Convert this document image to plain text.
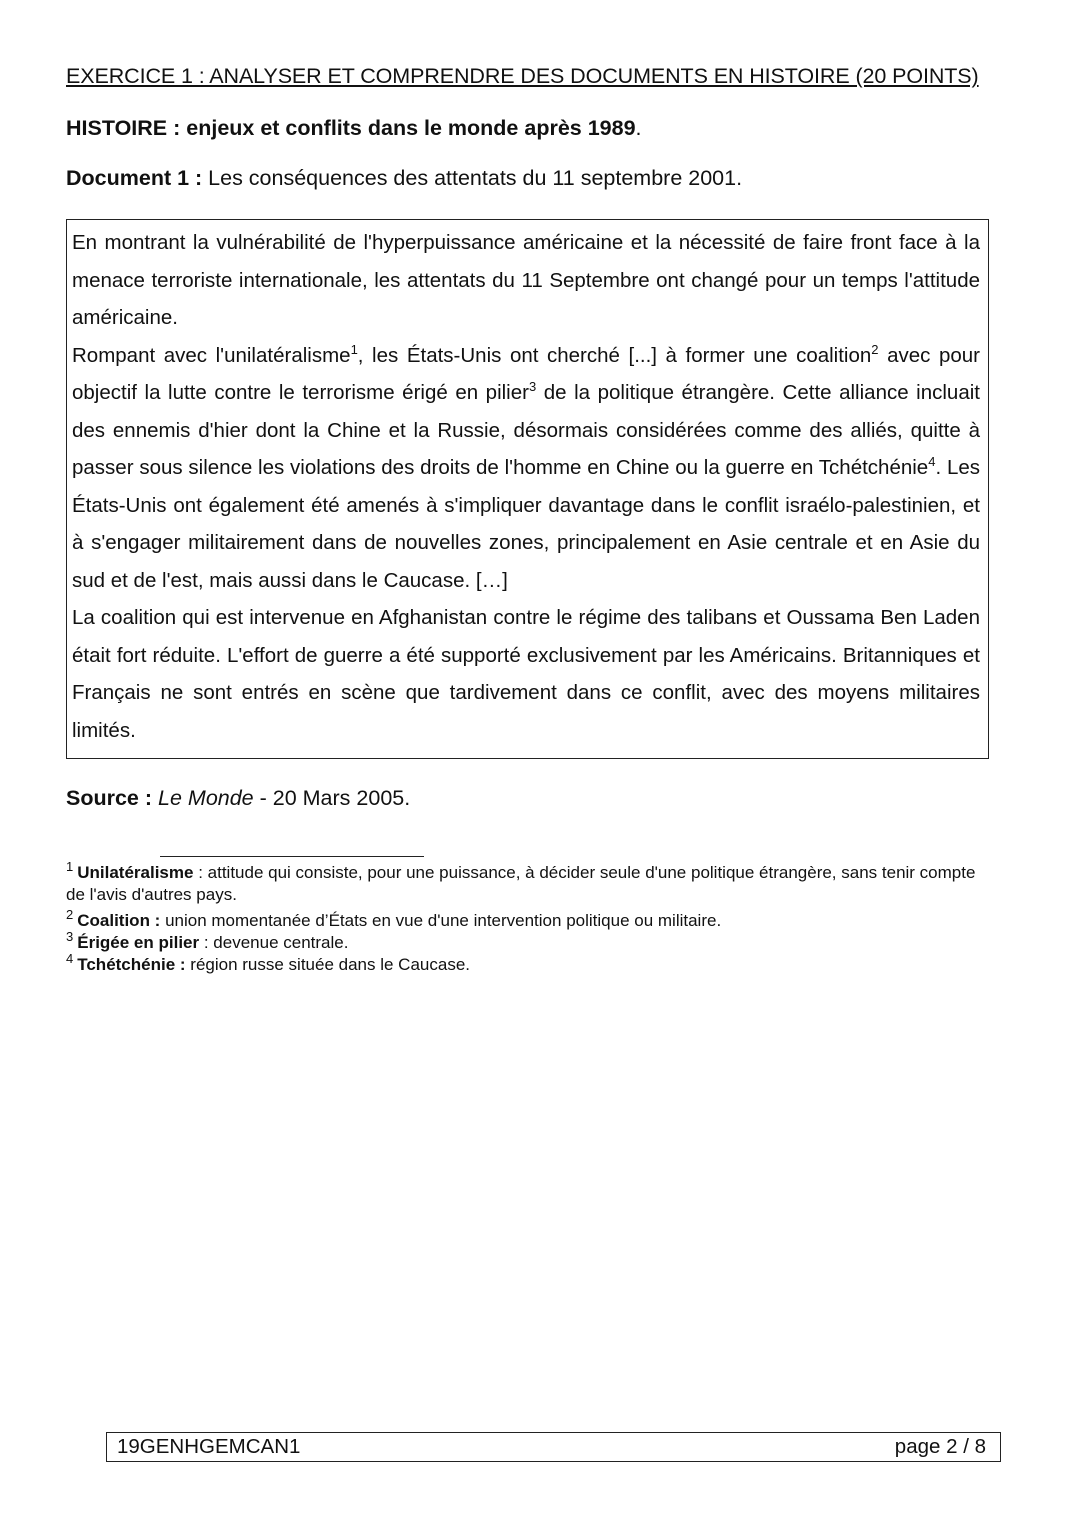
EXERCICE 1 : ANALYSER ET COMPRENDRE DES DOCUMENTS EN HISTOIRE (20 POINTS)
HISTOIRE : enjeux et conflits dans le monde après 1989.
Document 1 : Les conséquences des attentats du 11 septembre 2001.

En montrant la vulnérabilité de l'hyperpuissance américaine et la nécessité de faire front face à la menace terroriste internationale, les attentats du 11 Septembre ont changé pour un temps l'attitude américaine.

Rompant avec l'unilatéralisme$^1$, les États-Unis ont cherché [...] à former une coalition$^2$ avec pour objectif la lutte contre le terrorisme érigé en pilier$^3$ de la politique étrangère. Cette alliance incluait des ennemis d'hier dont la Chine et la Russie, désormais considérées comme des alliés, quitte à passer sous silence les violations des droits de l'homme en Chine ou la guerre en Tchétchénie$^4$. Les États-Unis ont également été amenés à s'impliquer davantage dans le conflit israélo-palestinien, et à s'engager militairement dans de nouvelles zones, principalement en Asie centrale et en Asie du sud et de l'est, mais aussi dans le Caucase. […]

La coalition qui est intervenue en Afghanistan contre le régime des talibans et Oussama Ben Laden était fort réduite. L'effort de guerre a été supporté exclusivement par les Américains. Britanniques et Français ne sont entrés en scène que tardivement dans ce conflit, avec des moyens militaires limités.

Source : Le Monde - 20 Mars 2005.

$^1$ Unilatéralisme : attitude qui consiste, pour une puissance, à décider seule d'une politique étrangère, sans tenir compte de l'avis d'autres pays.

$^2$ Coalition : union momentanée d’États en vue d'une intervention politique ou militaire.

$^3$ Érigée en pilier : devenue centrale.

$^4$ Tchétchénie : région russe située dans le Caucase.

19GENHGEMCAN1	page 2 / 8
